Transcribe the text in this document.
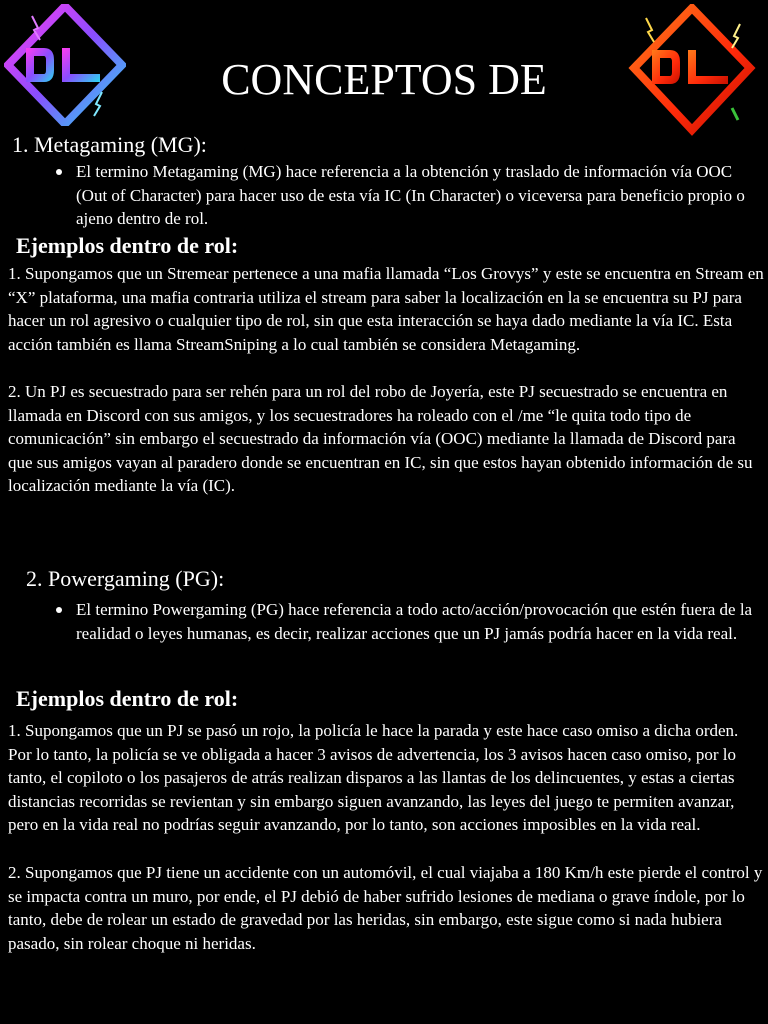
CONCEPTOS DE
1. Metagaming (MG):

El termino Metagaming (MG) hace referencia a la obtención y traslado de información vía OOC (Out of Character) para hacer uso de esta vía IC (In Character) o viceversa para beneficio propio o ajeno dentro de rol.

Ejemplos dentro de rol:

1. Supongamos que un Stremear pertenece a una mafia llamada “Los Grovys” y este se encuentra en Stream en “X” plataforma, una mafia contraria utiliza el stream para saber la localización en la se encuentra su PJ para hacer un rol agresivo o cualquier tipo de rol, sin que esta interacción se haya dado mediante la vía IC. Esta acción también es llama StreamSniping a lo cual también se considera Metagaming.

2. Un PJ es secuestrado para ser rehén para un rol del robo de Joyería, este PJ secuestrado se encuentra en llamada en Discord con sus amigos, y los secuestradores ha roleado con el /me “le quita todo tipo de comunicación” sin embargo el secuestrado da información vía (OOC) mediante la llamada de Discord para que sus amigos vayan al paradero donde se encuentran en IC, sin que estos hayan obtenido información de su localización mediante la vía (IC).

2. Powergaming (PG):

El termino Powergaming (PG) hace referencia a todo acto/acción/provocación que estén fuera de la realidad o leyes humanas, es decir, realizar acciones que un PJ jamás podría hacer en la vida real.

Ejemplos dentro de rol:

1. Supongamos que un PJ se pasó un rojo, la policía le hace la parada y este hace caso omiso a dicha orden. Por lo tanto, la policía se ve obligada a hacer 3 avisos de advertencia, los 3 avisos hacen caso omiso, por lo tanto, el copiloto o los pasajeros de atrás realizan disparos a las llantas de los delincuentes, y estas a ciertas distancias recorridas se revientan y sin embargo siguen avanzando, las leyes del juego te permiten avanzar, pero en la vida real no podrías seguir avanzando, por lo tanto, son acciones imposibles en la vida real.

2. Supongamos que PJ tiene un accidente con un automóvil, el cual viajaba a 180 Km/h este pierde el control y se impacta contra un muro, por ende, el PJ debió de haber sufrido lesiones de mediana o grave índole, por lo tanto, debe de rolear un estado de gravedad por las heridas, sin embargo, este sigue como si nada hubiera pasado, sin rolear choque ni heridas.
